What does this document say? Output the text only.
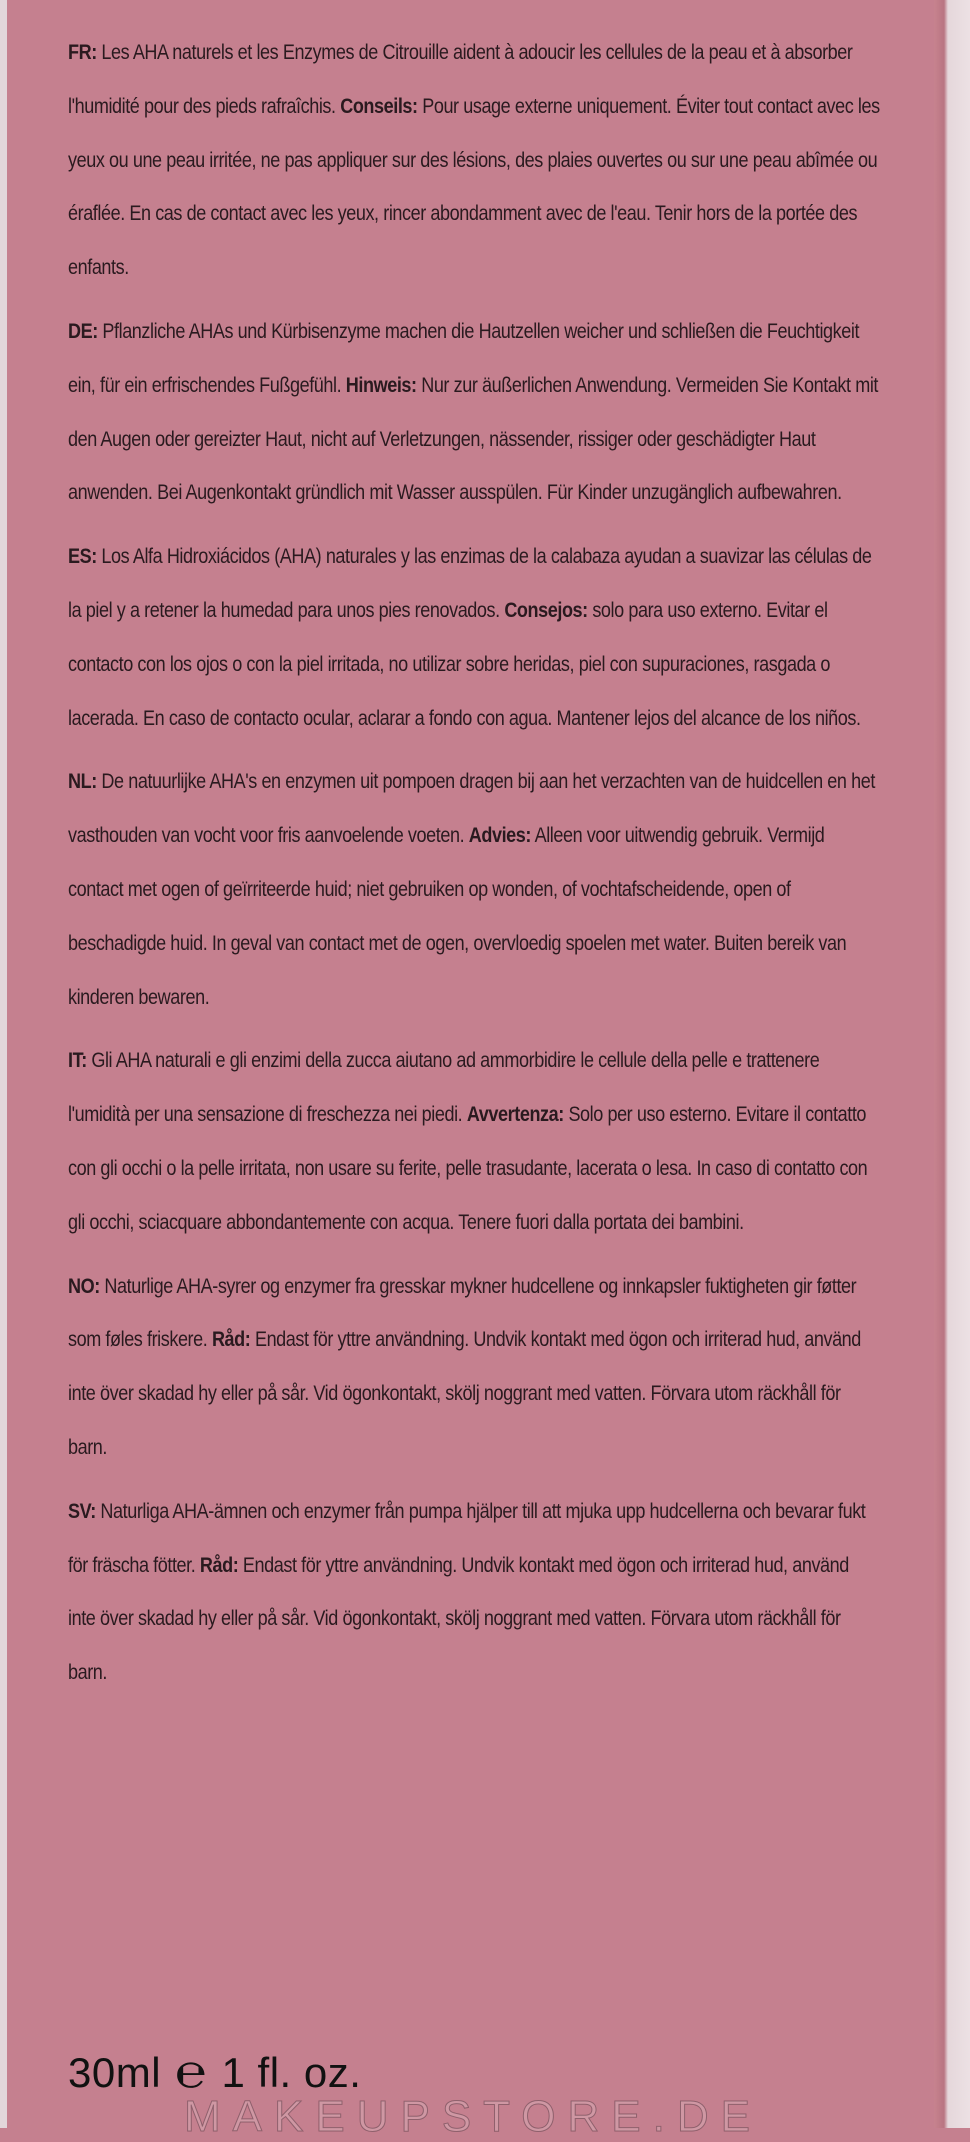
FR: Les AHA naturels et les Enzymes de Citrouille aident à adoucir les cellules de la peau et à absorber l'humidité pour des pieds rafraîchis. Conseils: Pour usage externe uniquement. Éviter tout contact avec les yeux ou une peau irritée, ne pas appliquer sur des lésions, des plaies ouvertes ou sur une peau abîmée ou éraflée. En cas de contact avec les yeux, rincer abondamment avec de l'eau. Tenir hors de la portée des enfants.

DE: Pflanzliche AHAs und Kürbisenzyme machen die Hautzellen weicher und schließen die Feuchtigkeit ein, für ein erfrischendes Fußgefühl. Hinweis: Nur zur äußerlichen Anwendung. Vermeiden Sie Kontakt mit den Augen oder gereizter Haut, nicht auf Verletzungen, nässender, rissiger oder geschädigter Haut anwenden. Bei Augenkontakt gründlich mit Wasser ausspülen. Für Kinder unzugänglich aufbewahren.

ES: Los Alfa Hidroxiácidos (AHA) naturales y las enzimas de la calabaza ayudan a suavizar las células de la piel y a retener la humedad para unos pies renovados. Consejos: solo para uso externo. Evitar el contacto con los ojos o con la piel irritada, no utilizar sobre heridas, piel con supuraciones, rasgada o lacerada. En caso de contacto ocular, aclarar a fondo con agua. Mantener lejos del alcance de los niños.

NL: De natuurlijke AHA's en enzymen uit pompoen dragen bij aan het verzachten van de huidcellen en het vasthouden van vocht voor fris aanvoelende voeten. Advies: Alleen voor uitwendig gebruik. Vermijd contact met ogen of geïrriteerde huid; niet gebruiken op wonden, of vochtafscheidende, open of beschadigde huid. In geval van contact met de ogen, overvloedig spoelen met water. Buiten bereik van kinderen bewaren.

IT: Gli AHA naturali e gli enzimi della zucca aiutano ad ammorbidire le cellule della pelle e trattenere l'umidità per una sensazione di freschezza nei piedi. Avvertenza: Solo per uso esterno. Evitare il contatto con gli occhi o la pelle irritata, non usare su ferite, pelle trasudante, lacerata o lesa. In caso di contatto con gli occhi, sciacquare abbondantemente con acqua. Tenere fuori dalla portata dei bambini.

NO: Naturlige AHA-syrer og enzymer fra gresskar mykner hudcellene og innkapsler fuktigheten gir føtter som føles friskere. Råd: Endast för yttre användning. Undvik kontakt med ögon och irriterad hud, använd inte över skadad hy eller på sår. Vid ögonkontakt, skölj noggrant med vatten. Förvara utom räckhåll för barn.

SV: Naturliga AHA-ämnen och enzymer från pumpa hjälper till att mjuka upp hudcellerna och bevarar fukt för fräscha fötter. Råd: Endast för yttre användning. Undvik kontakt med ögon och irriterad hud, använd inte över skadad hy eller på sår. Vid ögonkontakt, skölj noggrant med vatten. Förvara utom räckhåll för barn.

30ml ℮ 1 fl. oz.
MAKEUPSTORE.DE
